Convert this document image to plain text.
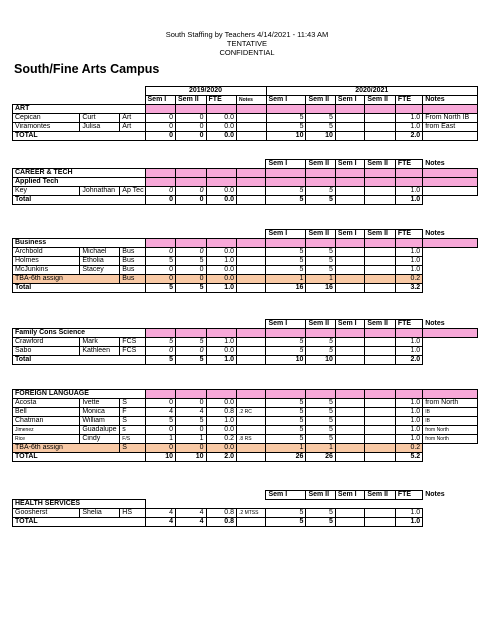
South Staffing by Teachers 4/14/2021 - 11:43 AM
TENTATIVE
CONFIDENTIAL
South/Fine Arts Campus
			2019/2020				2020/2021					
			Sem I	Sem II	FTE	Notes	Sem I	Sem II	Sem I	Sem II	FTE	Notes
ART												
Cepican	Curt	Art	0	0	0.0		5	5			1.0	From North IB
Viramontes	Julisa	Art	0	0	0.0		5	5			1.0	from East
TOTAL			0	0	0.0		10	10			2.0	
							Sem I	Sem II	Sem I	Sem II	FTE	Notes
CAREER & TECH												
Applied Tech												
Key	Johnathan	Ap Tec	0	0	0.0		5	5			1.0	
Total			0	0	0.0		5	5			1.0	
							Sem I	Sem II	Sem I	Sem II	FTE	Notes
Business												
Archbold	Michael	Bus	0	0	0.0		5	5			1.0	
Holmes	Etholia	Bus	5	5	1.0		5	5			1.0	
McJunkins	Stacey	Bus	0	0	0.0		5	5			1.0	
TBA-6th assign		Bus	0	0	0.0		1	1			0.2	
Total			5	5	1.0		16	16			3.2	
							Sem I	Sem II	Sem I	Sem II	FTE	Notes
Family Cons Science												
Crawford	Mark	FCS	5	5	1.0		5	5			1.0	
Sabo	Kathleen	FCS	0	0	0.0		5	5			1.0	
Total			5	5	1.0		10	10			2.0	
FOREIGN LANGUAGE												
Acosta	Ivette	S	0	0	0.0		5	5			1.0	from North
Bell	Monica	F	4	4	0.8	.2 RC	5	5			1.0	IB
Chatman	William	S	5	5	1.0		5	5			1.0	IB
Jimenez	Guadalupe	s	0	0	0.0		5	5			1.0	from North
Rice	Cindy	F/S	1	1	0.2	.8 RS	5	5			1.0	from North
TBA-6th assign		S	0	0	0.0		1	1			0.2	
TOTAL			10	10	2.0		26	26			5.2	
							Sem I	Sem II	Sem I	Sem II	FTE	Notes
HEALTH SERVICES												
Goosherst	Shelia	HS	4	4	0.8	.2 MTSS	5	5			1.0	
TOTAL			4	4	0.8		5	5			1.0	
